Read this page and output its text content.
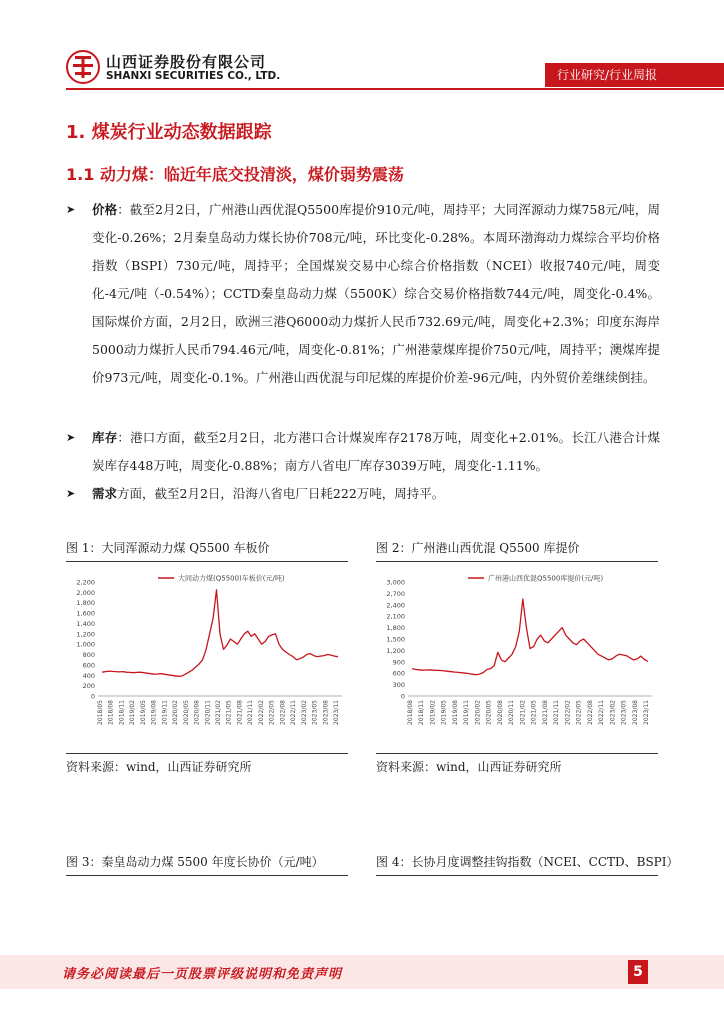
山西证券股份有限公司
SHANXI SECURITIES CO., LTD.	行业研究/行业周报
1. 煤炭行业动态数据跟踪
1.1 动力煤：临近年底交投清淡，煤价弱势震荡
➤ 价格：截至2月2日，广州港山西优混Q5500库提价910元/吨，周持平；大同浑源动力煤758元/吨，周变化-0.26%；2月秦皇岛动力煤长协价708元/吨，环比变化-0.28%。本周环渤海动力煤综合平均价格指数（BSPI）730元/吨，周持平；全国煤炭交易中心综合价格指数（NCEI）收报740元/吨，周变化-4元/吨（-0.54%）；CCTD秦皇岛动力煤（5500K）综合交易价格指数744元/吨，周变化-0.4%。国际煤价方面，2月2日，欧洲三港Q6000动力煤折人民币732.69元/吨，周变化+2.3%；印度东海岸5000动力煤折人民币794.46元/吨，周变化-0.81%；广州港蒙煤库提价750元/吨，周持平；澳煤库提价973元/吨，周变化-0.1%。广州港山西优混与印尼煤的库提价价差-96元/吨，内外贸价差继续倒挂。
➤ 库存：港口方面，截至2月2日，北方港口合计煤炭库存2178万吨，周变化+2.01%。长江八港合计煤炭库存448万吨，周变化-0.88%；南方八省电厂库存3039万吨，周变化-1.11%。
➤ 需求方面，截至2月2日，沿海八省电厂日耗222万吨，周持平。
图 1：大同浑源动力煤 Q5500 车板价	图 2：广州港山西优混 Q5500 库提价
0
200
400
600
800
1,000
1,200
1,400
1,600
1,800
2,000
2,200
2018/05 2018/08 2018/11 2019/02 2019/05 2019/08 2019/11 2020/02 2020/05 2020/08 2020/11 2021/02 2021/05 2021/08 2021/11 2022/02 2022/05 2022/08 2022/11 2023/02 2023/05 2023/08 2023/11
大同动力煤(Q5500)车板价(元/吨)
0
300
600
900
1,200
1,500
1,800
2,100
2,400
2,700
3,000
2018/08 2018/11 2019/02 2019/05 2019/08 2019/11 2020/02 2020/05 2020/08 2020/11 2021/02 2021/05 2021/08 2021/11 2022/02 2022/05 2022/08 2022/11 2023/02 2023/05 2023/08 2023/11
广州港山西优混Q5500库提价(元/吨)
资料来源：wind，山西证券研究所	资料来源：wind，山西证券研究所
图 3：秦皇岛动力煤 5500 年度长协价（元/吨）	图 4：长协月度调整挂钩指数（NCEI、CCTD、BSPI）
请务必阅读最后一页股票评级说明和免责声明	5
